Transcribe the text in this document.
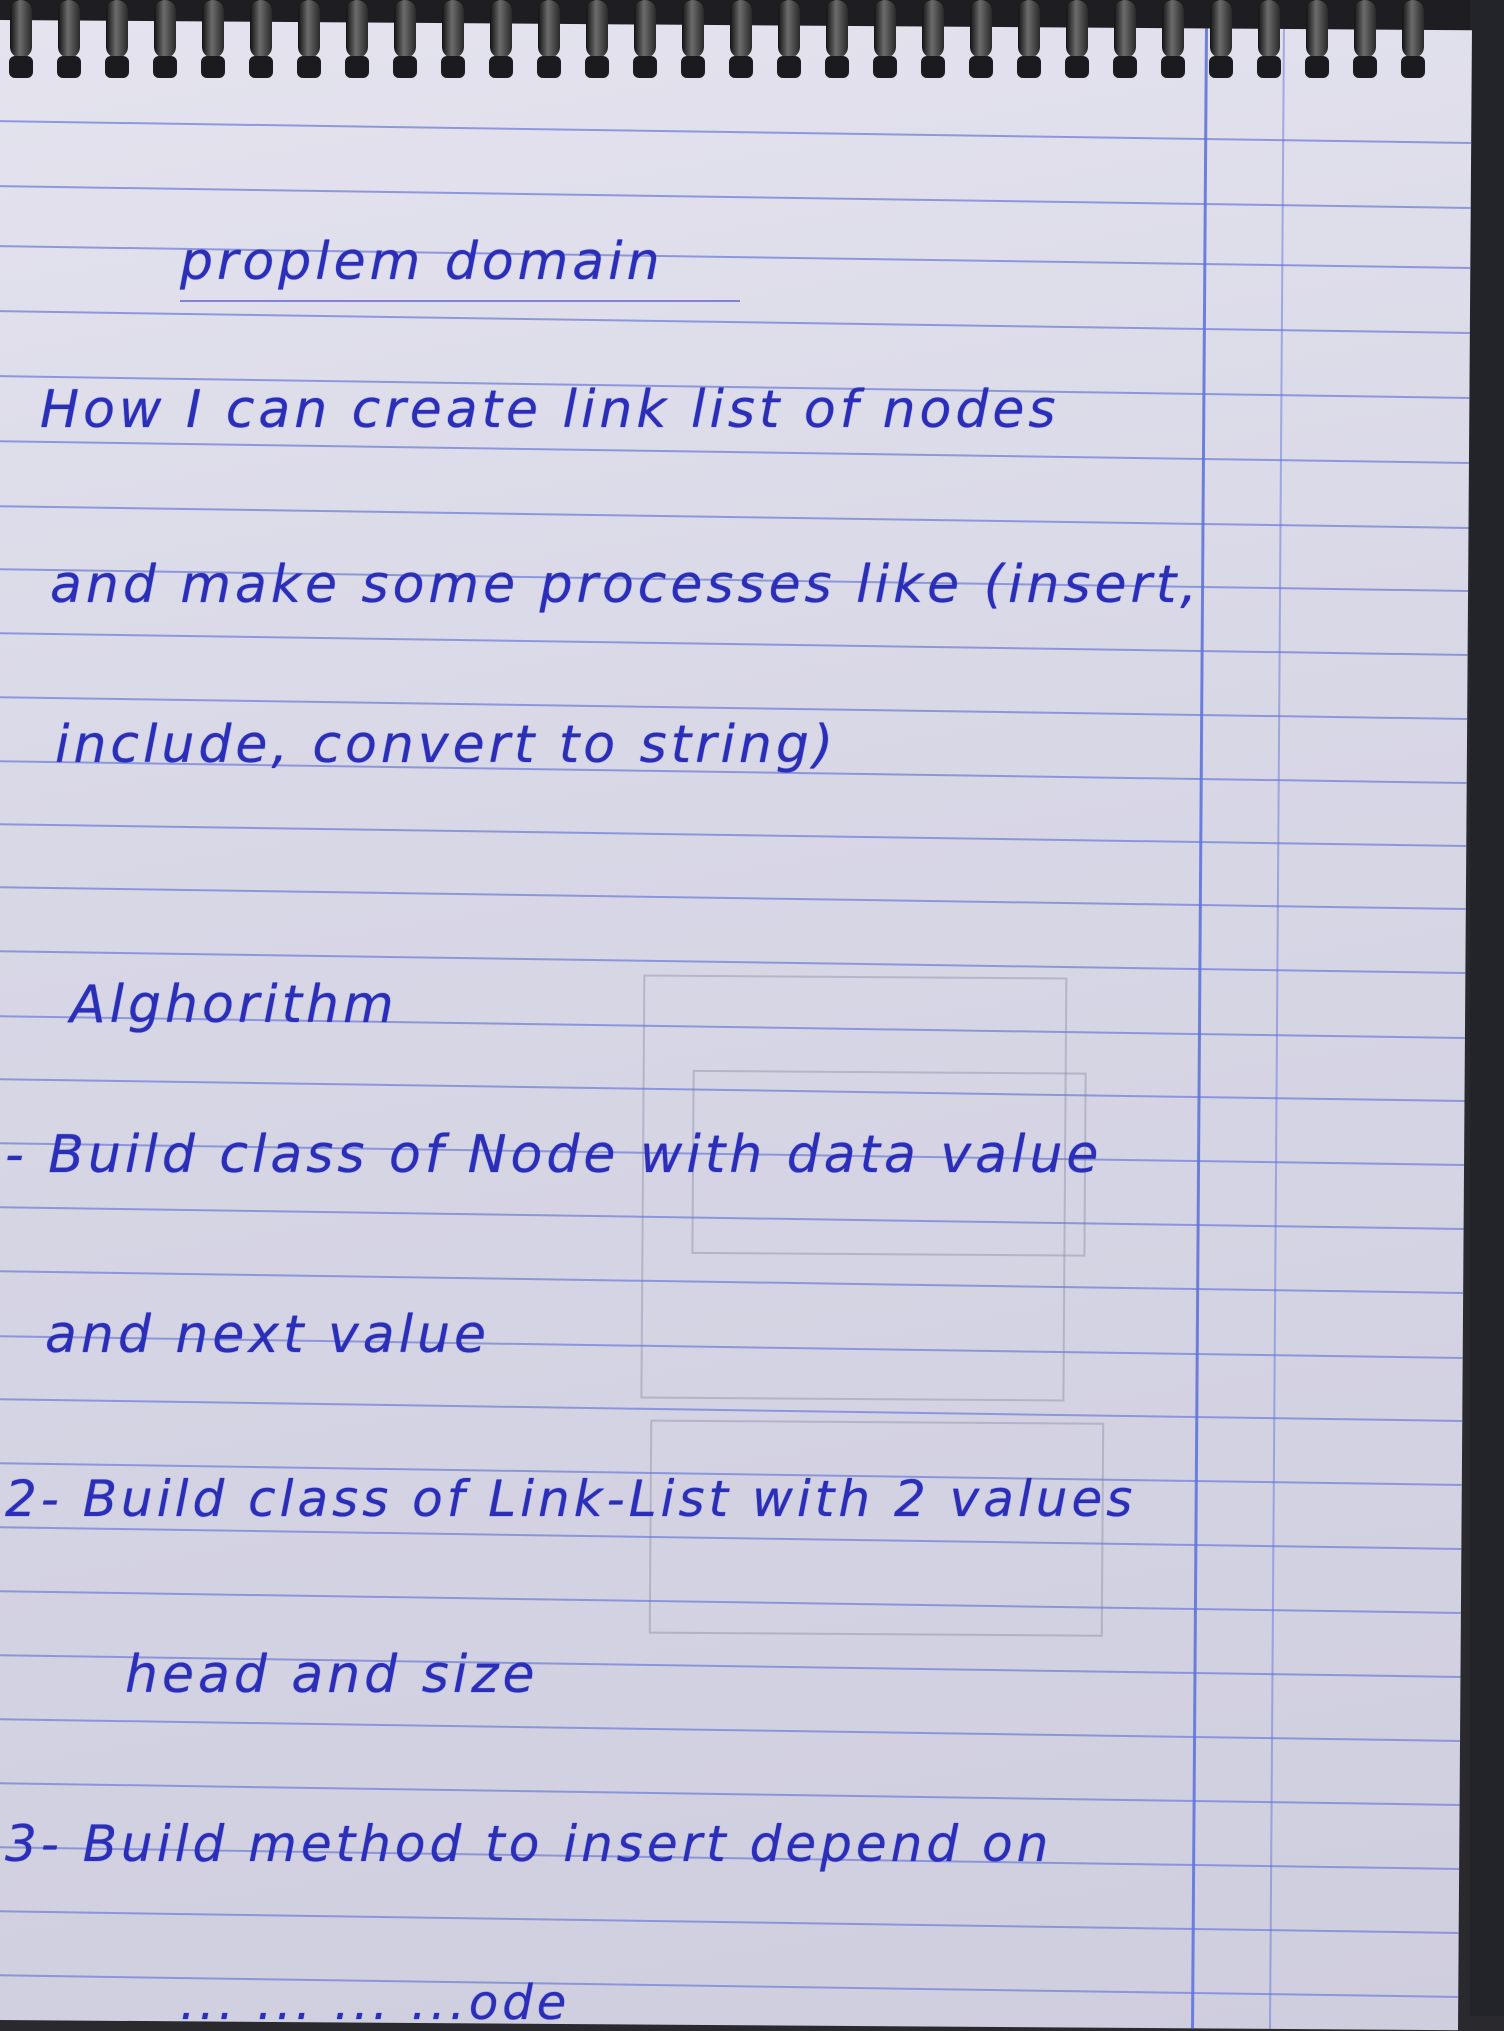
proplem domain
How I can create link list of nodes
and make some processes like (insert,
include, convert to string)
Alghorithm
- Build class of Node with data value
and next value
2- Build class of Link-List with 2 values
head and size
3- Build method to insert depend on
... ... ... ...ode
